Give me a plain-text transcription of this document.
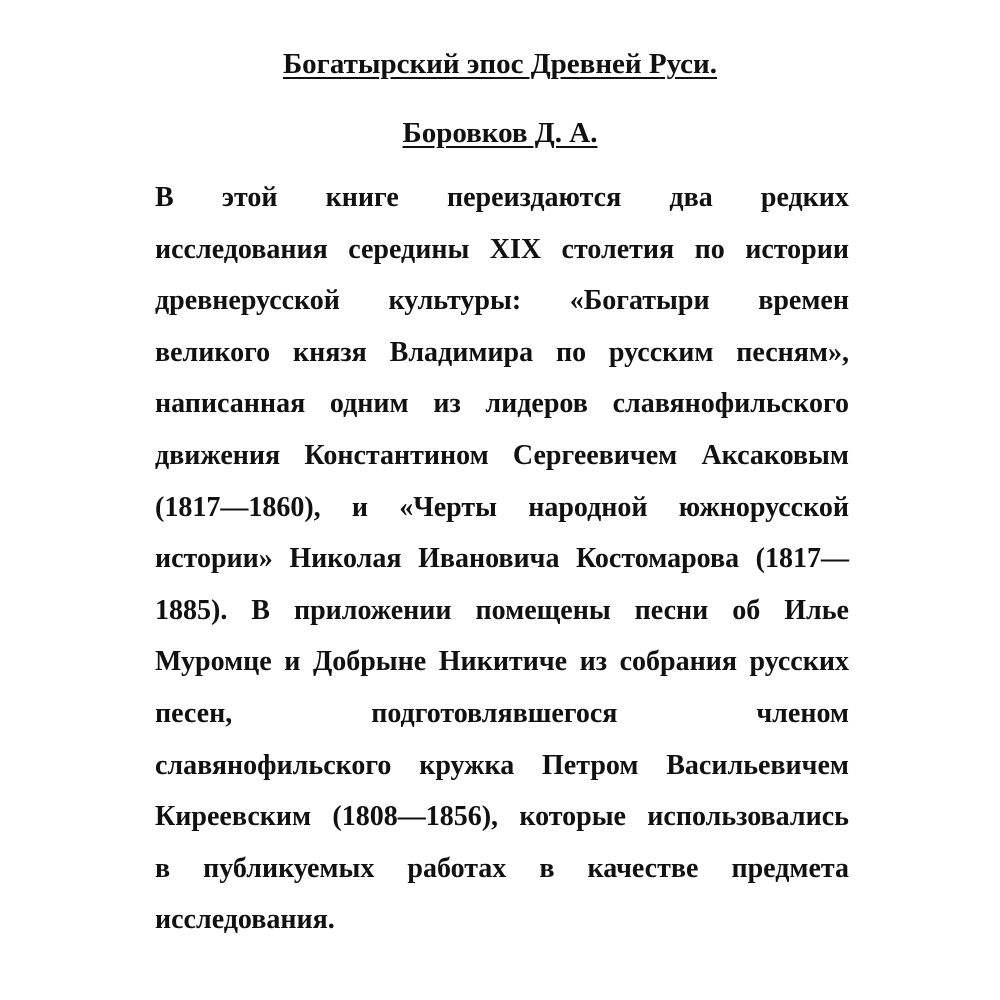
Богатырский эпос Древней Руси.
Боровков Д. А.
В этой книге переиздаются два редких
исследования середины XIX столетия по истории
древнерусской культуры: «Богатыри времен
великого князя Владимира по русским песням»,
написанная одним из лидеров славянофильского
движения Константином Сергеевичем Аксаковым
(1817—1860), и «Черты народной южнорусской
истории» Николая Ивановича Костомарова (1817—
1885). В приложении помещены песни об Илье
Муромце и Добрыне Никитиче из собрания русских
песен,	подготовлявшегося	членом
славянофильского кружка Петром Васильевичем
Киреевским (1808—1856), которые использовались
в публикуемых работах в качестве предмета
исследования.
